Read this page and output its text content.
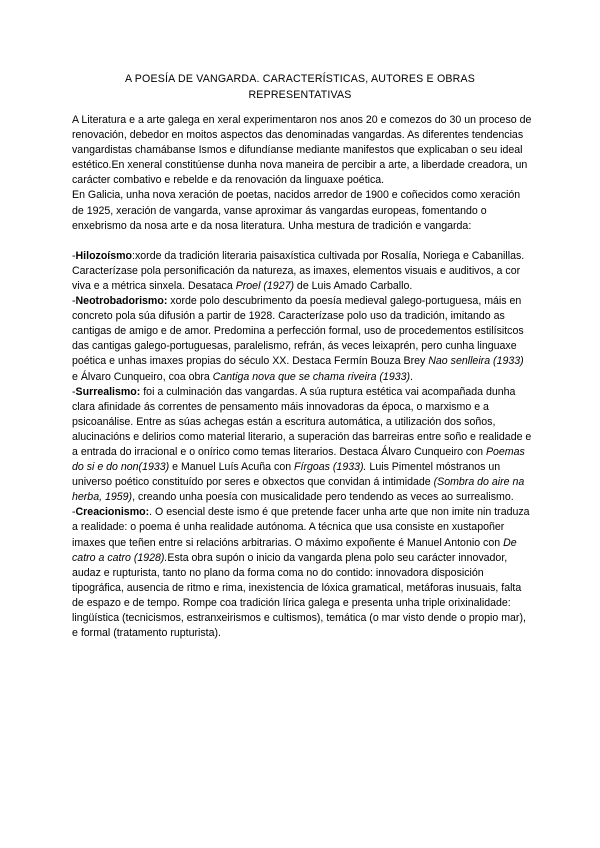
A POESÍA DE VANGARDA. CARACTERÍSTICAS, AUTORES E OBRAS REPRESENTATIVAS

A Literatura e a arte galega en xeral experimentaron nos anos 20 e comezos do 30 un proceso de renovación, debedor en moitos aspectos das denominadas vangardas. As diferentes tendencias vangardistas chamábanse Ismos e difundíanse mediante manifestos que explicaban o seu ideal estético.En xeneral constitúense dunha nova maneira de percibir a arte, a liberdade creadora, un carácter combativo e rebelde e da renovación da linguaxe poética.

En Galicia, unha nova xeración de poetas, nacidos arredor de 1900 e coñecidos como xeración de 1925, xeración de vangarda, vanse aproximar ás vangardas europeas, fomentando o enxebrismo da nosa arte e da nosa literatura. Unha mestura de tradición e vangarda:

-Hilozoísmo:xorde da tradición literaria paisaxística cultivada por Rosalía, Noriega e Cabanillas. Caracterízase pola personificación da natureza, as imaxes, elementos visuais e auditivos, a cor viva e a métrica sinxela. Desataca Proel (1927) de Luis Amado Carballo.

-Neotrobadorismo: xorde polo descubrimento da poesía medieval galego-portuguesa, máis en concreto pola súa difusión a partir de 1928. Caracterízase polo uso da tradición, imitando as cantigas de amigo e de amor. Predomina a perfección formal, uso de procedementos estilísitcos das cantigas galego-portuguesas, paralelismo, refrán, ás veces leixaprén, pero cunha linguaxe poética e unhas imaxes propias do século XX. Destaca Fermín Bouza Brey Nao senlleira (1933) e Álvaro Cunqueiro, coa obra Cantiga nova que se chama riveira (1933).

-Surrealismo: foi a culminación das vangardas. A súa ruptura estética vai acompañada dunha clara afinidade ás correntes de pensamento máis innovadoras da época, o marxismo e a psicoanálise. Entre as súas achegas están a escritura automática, a utilización dos soños, alucinacións e delirios como material literario, a superación das barreiras entre soño e realidade e a entrada do irracional e o onírico como temas literarios. Destaca Álvaro Cunqueiro con Poemas do si e do non(1933) e Manuel Luís Acuña con Fírgoas (1933). Luis Pimentel móstranos un universo poético constituído por seres e obxectos que convidan á intimidade (Sombra do aire na herba, 1959), creando unha poesía con musicalidade pero tendendo as veces ao surrealismo.

-Creacionismo:. O esencial deste ismo é que pretende facer unha arte que non imite nin traduza a realidade: o poema é unha realidade autónoma. A técnica que usa consiste en xustapoñer imaxes que teñen entre si relacións arbitrarias. O máximo expoñente é Manuel Antonio con De catro a catro (1928).Esta obra supón o inicio da vangarda plena polo seu carácter innovador, audaz e rupturista, tanto no plano da forma coma no do contido: innovadora disposición tipográfica, ausencia de ritmo e rima, inexistencia de lóxica gramatical, metáforas inusuais, falta de espazo e de tempo. Rompe coa tradición lírica galega e presenta unha triple orixinalidade: lingüística (tecnicismos, estranxeirismos e cultismos), temática (o mar visto dende o propio mar), e formal (tratamento rupturista).
